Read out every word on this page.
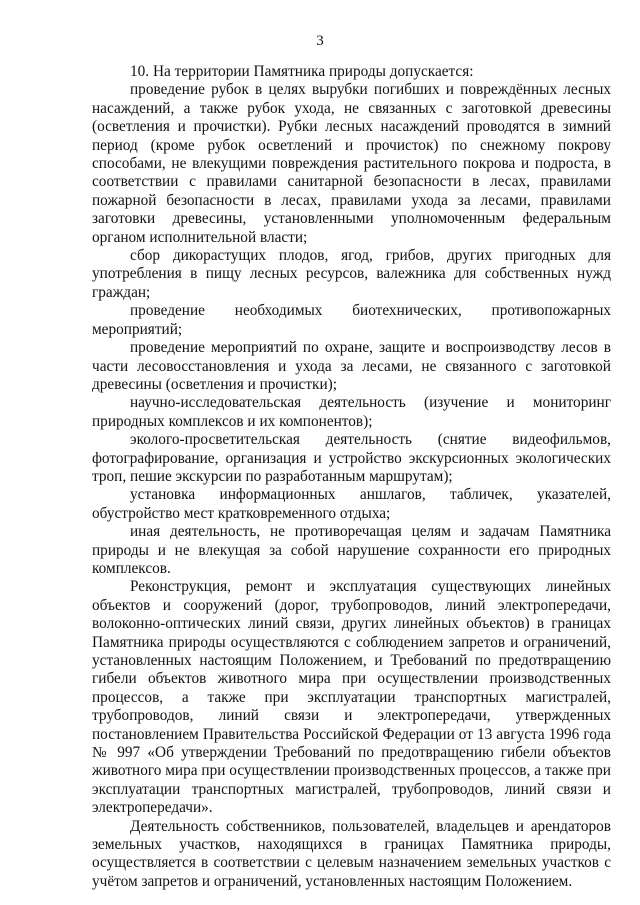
3

10. На территории Памятника природы допускается:

проведение рубок в целях вырубки погибших и повреждённых лесных насаждений, а также рубок ухода, не связанных с заготовкой древесины (осветления и прочистки). Рубки лесных насаждений проводятся в зимний период (кроме рубок осветлений и прочисток) по снежному покрову способами, не влекущими повреждения растительного покрова и подроста, в соответствии с правилами санитарной безопасности в лесах, правилами пожарной безопасности в лесах, правилами ухода за лесами, правилами заготовки древесины, установленными уполномоченным федеральным органом исполнительной власти;

сбор дикорастущих плодов, ягод, грибов, других пригодных для употребления в пищу лесных ресурсов, валежника для собственных нужд граждан;

проведение необходимых биотехнических, противопожарных мероприятий;

проведение мероприятий по охране, защите и воспроизводству лесов в части лесовосстановления и ухода за лесами, не связанного с заготовкой древесины (осветления и прочистки);

научно-исследовательская деятельность (изучение и мониторинг природных комплексов и их компонентов);

эколого-просветительская деятельность (снятие видеофильмов, фотографирование, организация и устройство экскурсионных экологических троп, пешие экскурсии по разработанным маршрутам);

установка информационных аншлагов, табличек, указателей, обустройство мест кратковременного отдыха;

иная деятельность, не противоречащая целям и задачам Памятника природы и не влекущая за собой нарушение сохранности его природных комплексов.

Реконструкция, ремонт и эксплуатация существующих линейных объектов и сооружений (дорог, трубопроводов, линий электропередачи, волоконно-оптических линий связи, других линейных объектов) в границах Памятника природы осуществляются с соблюдением запретов и ограничений, установленных настоящим Положением, и Требований по предотвращению гибели объектов животного мира при осуществлении производственных процессов, а также при эксплуатации транспортных магистралей, трубопроводов, линий связи и электропередачи, утвержденных постановлением Правительства Российской Федерации от 13 августа 1996 года № 997 «Об утверждении Требований по предотвращению гибели объектов животного мира при осуществлении производственных процессов, а также при эксплуатации транспортных магистралей, трубопроводов, линий связи и электропередачи».

Деятельность собственников, пользователей, владельцев и арендаторов земельных участков, находящихся в границах Памятника природы, осуществляется в соответствии с целевым назначением земельных участков с учётом запретов и ограничений, установленных настоящим Положением.
